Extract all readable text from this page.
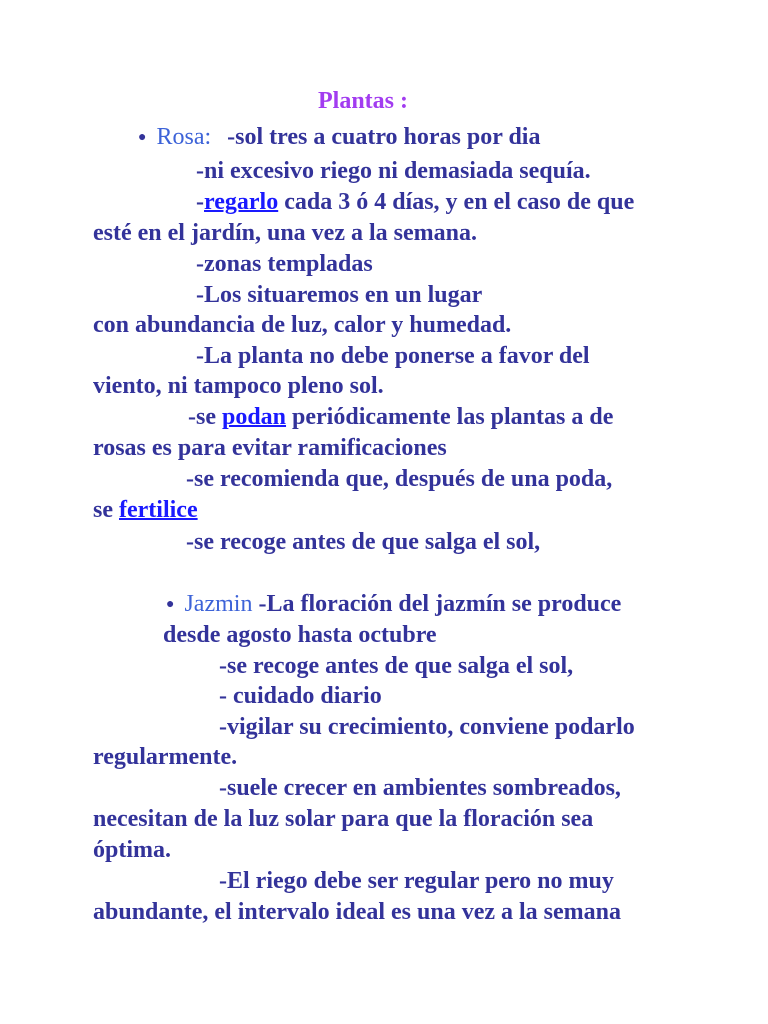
Plantas :
● Rosa: -sol tres a cuatro horas por dia
-ni excesivo riego ni demasiada sequía.
-regarlo cada 3 ó 4 días, y en el caso de que
esté en el jardín, una vez a la semana.
-zonas templadas
-Los situaremos en un lugar
con abundancia de luz, calor y humedad.
-La planta no debe ponerse a favor del
viento, ni tampoco pleno sol.
-se podan periódicamente las plantas a de
rosas es para evitar ramificaciones
-se recomienda que, después de una poda,
se fertilice
-se recoge antes de que salga el sol,
● Jazmin -La floración del jazmín se produce
desde agosto hasta octubre
-se recoge antes de que salga el sol,
- cuidado diario
-vigilar su crecimiento, conviene podarlo
regularmente.
-suele crecer en ambientes sombreados,
necesitan de la luz solar para que la floración sea
óptima.
-El riego debe ser regular pero no muy
abundante, el intervalo ideal es una vez a la semana
